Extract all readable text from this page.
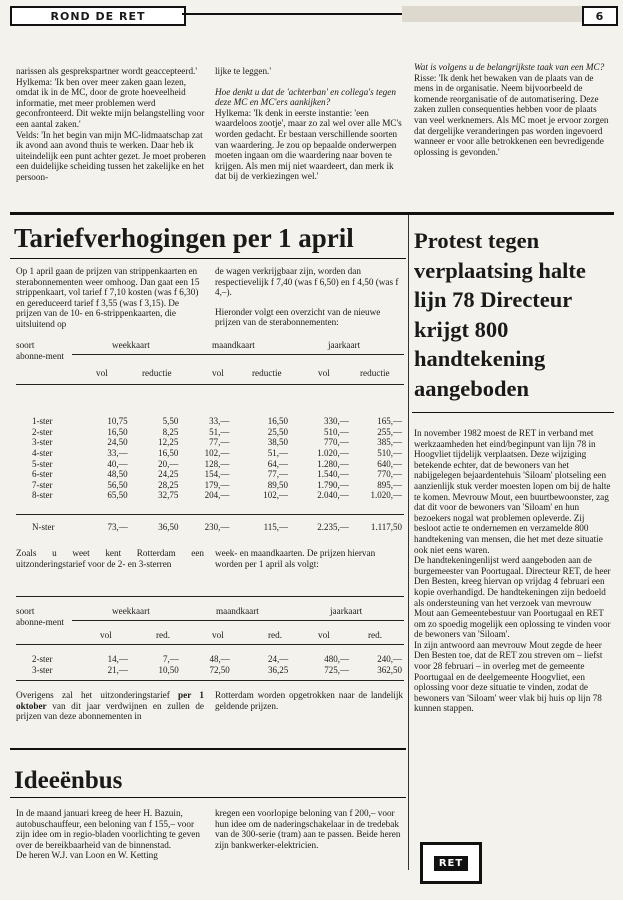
ROND DE RET	6

narissen als gesprekspartner wordt geaccepteerd.'

Hylkema: 'Ik ben over meer zaken gaan lezen, omdat ik in de MC, door de grote hoeveelheid informatie, met meer problemen werd geconfronteerd. Dit wekte mijn belangstelling voor een aantal zaken.'

Velds: 'In het begin van mijn MC-lidmaatschap zat ik avond aan avond thuis te werken. Daar heb ik uiteindelijk een punt achter gezet. Je moet proberen een duidelijke scheiding tussen het zakelijke en het persoon-

lijke te leggen.'

Hoe denkt u dat de 'achterban' en collega's tegen deze MC en MC'ers aankijken?

Hylkema: 'Ik denk in eerste instantie: 'een waardeloos zootje', maar zo zal wel over alle MC's worden gedacht. Er bestaan verschillende soorten van waardering. Je zou op bepaalde onderwerpen moeten ingaan om die waardering naar boven te krijgen. Als men mij niet waardeert, dan merk ik dat bij de verkiezingen wel.'

Wat is volgens u de belangrijkste taak van een MC?

Risse: 'Ik denk het bewaken van de plaats van de mens in de organisatie. Neem bijvoorbeeld de komende reorganisatie of de automatisering. Deze zaken zullen consequenties hebben voor de plaats van veel werknemers. Als MC moet je ervoor zorgen dat dergelijke veranderingen pas worden ingevoerd wanneer er voor alle betrokkenen een bevredigende oplossing is gevonden.'

Tariefverhogingen per 1 april

Op 1 april gaan de prijzen van strippenkaarten en sterabonnementen weer omhoog. Dan gaat een 15 strippenkaart, vol tarief f 7,10 kosten (was f 6,30) en gereduceerd tarief f 3,55 (was f 3,15). De prijzen van de 10- en 6-strippenkaarten, die uitsluitend op

de wagen verkrijgbaar zijn, worden dan respectievelijk f 7,40 (was f 6,50) en f 4,50 (was f 4,–).

Hieronder volgt een overzicht van de nieuwe prijzen van de sterabonnementen:

soort abonne-ment
weekkaart	maandkaart	jaarkaart
vol	reductie	vol	reductie	vol	reductie
1-ster	10,75	5,50	33,—	16,50	330,—	165,—
2-ster	16,50	8,25	51,—	25,50	510,—	255,—
3-ster	24,50	12,25	77,—	38,50	770,—	385,—
4-ster	33,—	16,50	102,—	51,—	1.020,—	510,—
5-ster	40,—	20,—	128,—	64,—	1.280,—	640,—
6-ster	48,50	24,25	154,—	77,—	1.540,—	770,—
7-ster	56,50	28,25	179,—	89,50	1.790,—	895,—
8-ster	65,50	32,75	204,—	102,—	2.040,—	1.020,—
N-ster	73,—	36,50	230,—	115,—	2.235,—	1.117,50

Zoals u weet kent Rotterdam een uitzonderingstarief voor de 2- en 3-sterren

week- en maandkaarten. De prijzen hiervan worden per 1 april als volgt:

soort abonne-ment
weekkaart	maandkaart	jaarkaart
vol	red.	vol	red.	vol	red.
2-ster	14,—	7,—	48,—	24,—	480,—	240,—
3-ster	21,—	10,50	72,50	36,25	725,—	362,50

Overigens zal het uitzonderingstarief per 1 oktober van dit jaar verdwijnen en zullen de prijzen van deze abonnementen in

Rotterdam worden opgetrokken naar de landelijk geldende prijzen.

Ideeënbus

In de maand januari kreeg de heer H. Bazuin, autobuschauffeur, een beloning van f 155,– voor zijn idee om in regio-bladen voorlichting te geven over de bereikbaarheid van de binnenstad.

De heren W.J. van Loon en W. Ketting

kregen een voorlopige beloning van f 200,– voor hun idee om de naderingschakelaar in de tredebak van de 300-serie (tram) aan te passen. Beide heren zijn bankwerker-elektricien.

Protest tegen verplaatsing halte lijn 78 Directeur krijgt 800 handtekening aangeboden

In november 1982 moest de RET in verband met werkzaamheden het eind/beginpunt van lijn 78 in Hoogvliet tijdelijk verplaatsen. Deze wijziging betekende echter, dat de bewoners van het nabijgelegen bejaardentehuis 'Siloam' plotseling een aanzienlijk stuk verder moesten lopen om bij de halte te komen. Mevrouw Mout, een buurtbewoonster, zag dat dit voor de bewoners van 'Siloam' en hun bezoekers nogal wat problemen opleverde. Zij besloot actie te ondernemen en verzamelde 800 handtekening van mensen, die het met deze situatie ook niet eens waren.

De handtekeningenlijst werd aangeboden aan de burgemeester van Poortugaal. Directeur RET, de heer Den Besten, kreeg hiervan op vrijdag 4 februari een kopie overhandigd. De handtekeningen zijn bedoeld als ondersteuning van het verzoek van mevrouw Mout aan Gemeentebestuur van Poortugaal en RET om zo spoedig mogelijk een oplossing te vinden voor de bewoners van 'Siloam'.

In zijn antwoord aan mevrouw Mout zegde de heer Den Besten toe, dat de RET zou streven om – liefst voor 28 februari – in overleg met de gemeente Poortugaal en de deelgemeente Hoogvliet, een oplossing voor deze situatie te vinden, zodat de bewoners van 'Siloam' weer vlak bij huis op lijn 78 kunnen stappen.

RET
